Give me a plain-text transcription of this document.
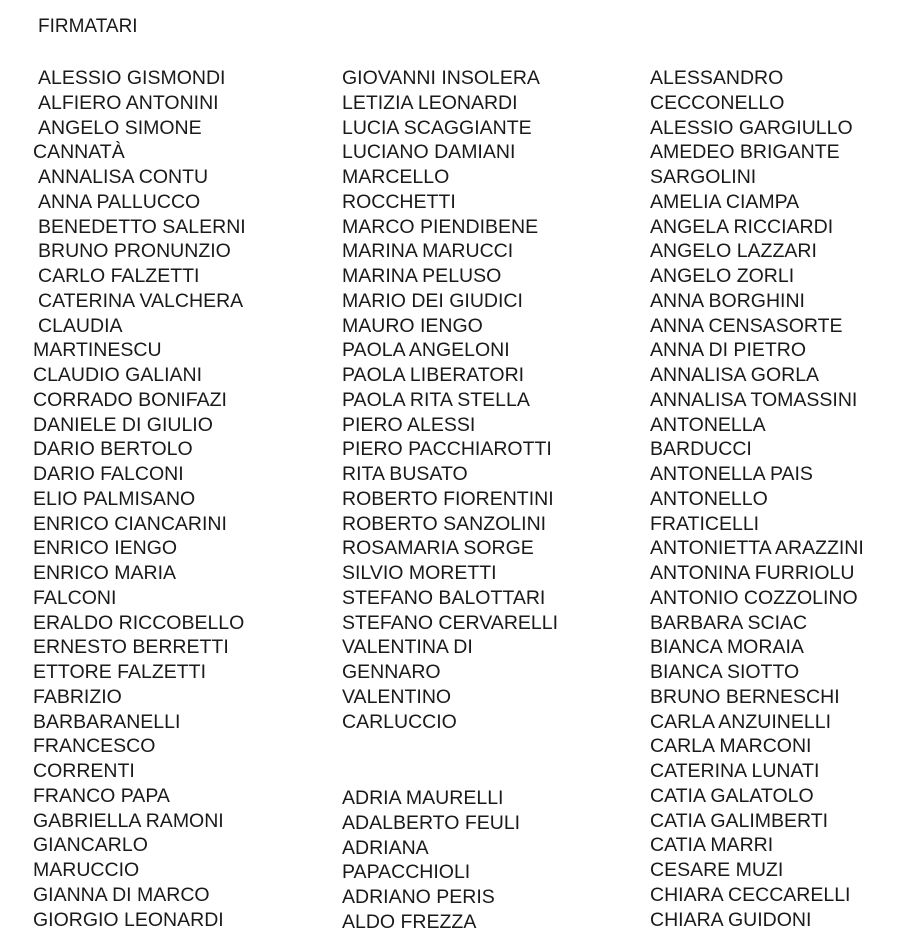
FIRMATARI
ALESSIO GISMONDI
ALFIERO ANTONINI
ANGELO SIMONE
CANNATÀ
ANNALISA CONTU
ANNA PALLUCCO
BENEDETTO SALERNI
BRUNO PRONUNZIO
CARLO FALZETTI
CATERINA VALCHERA
CLAUDIA
MARTINESCU
CLAUDIO GALIANI
CORRADO BONIFAZI
DANIELE DI GIULIO
DARIO BERTOLO
DARIO FALCONI
ELIO PALMISANO
ENRICO CIANCARINI
ENRICO IENGO
ENRICO MARIA
FALCONI
ERALDO RICCOBELLO
ERNESTO BERRETTI
ETTORE FALZETTI
FABRIZIO
BARBARANELLI
FRANCESCO
CORRENTI
FRANCO PAPA
GABRIELLA RAMONI
GIANCARLO
MARUCCIO
GIANNA DI MARCO
GIORGIO LEONARDI
GIOVANNI INSOLERA
LETIZIA LEONARDI
LUCIA SCAGGIANTE
LUCIANO DAMIANI
MARCELLO
ROCCHETTI
MARCO PIENDIBENE
MARINA MARUCCI
MARINA PELUSO
MARIO DEI GIUDICI
MAURO IENGO
PAOLA ANGELONI
PAOLA LIBERATORI
PAOLA RITA STELLA
PIERO ALESSI
PIERO PACCHIAROTTI
RITA BUSATO
ROBERTO FIORENTINI
ROBERTO SANZOLINI
ROSAMARIA SORGE
SILVIO MORETTI
STEFANO BALOTTARI
STEFANO CERVARELLI
VALENTINA DI
GENNARO
VALENTINO
CARLUCCIO
ADRIA MAURELLI
ADALBERTO FEULI
ADRIANA
PAPACCHIOLI
ADRIANO PERIS
ALDO FREZZA
ALESSANDRO
CECCONELLO
ALESSIO GARGIULLO
AMEDEO BRIGANTE
SARGOLINI
AMELIA CIAMPA
ANGELA RICCIARDI
ANGELO LAZZARI
ANGELO ZORLI
ANNA BORGHINI
ANNA CENSASORTE
ANNA DI PIETRO
ANNALISA GORLA
ANNALISA TOMASSINI
ANTONELLA
BARDUCCI
ANTONELLA PAIS
ANTONELLO
FRATICELLI
ANTONIETTA ARAZZINI
ANTONINA FURRIOLU
ANTONIO COZZOLINO
BARBARA SCIAC
BIANCA MORAIA
BIANCA SIOTTO
BRUNO BERNESCHI
CARLA ANZUINELLI
CARLA MARCONI
CATERINA LUNATI
CATIA GALATOLO
CATIA GALIMBERTI
CATIA MARRI
CESARE MUZI
CHIARA CECCARELLI
CHIARA GUIDONI
